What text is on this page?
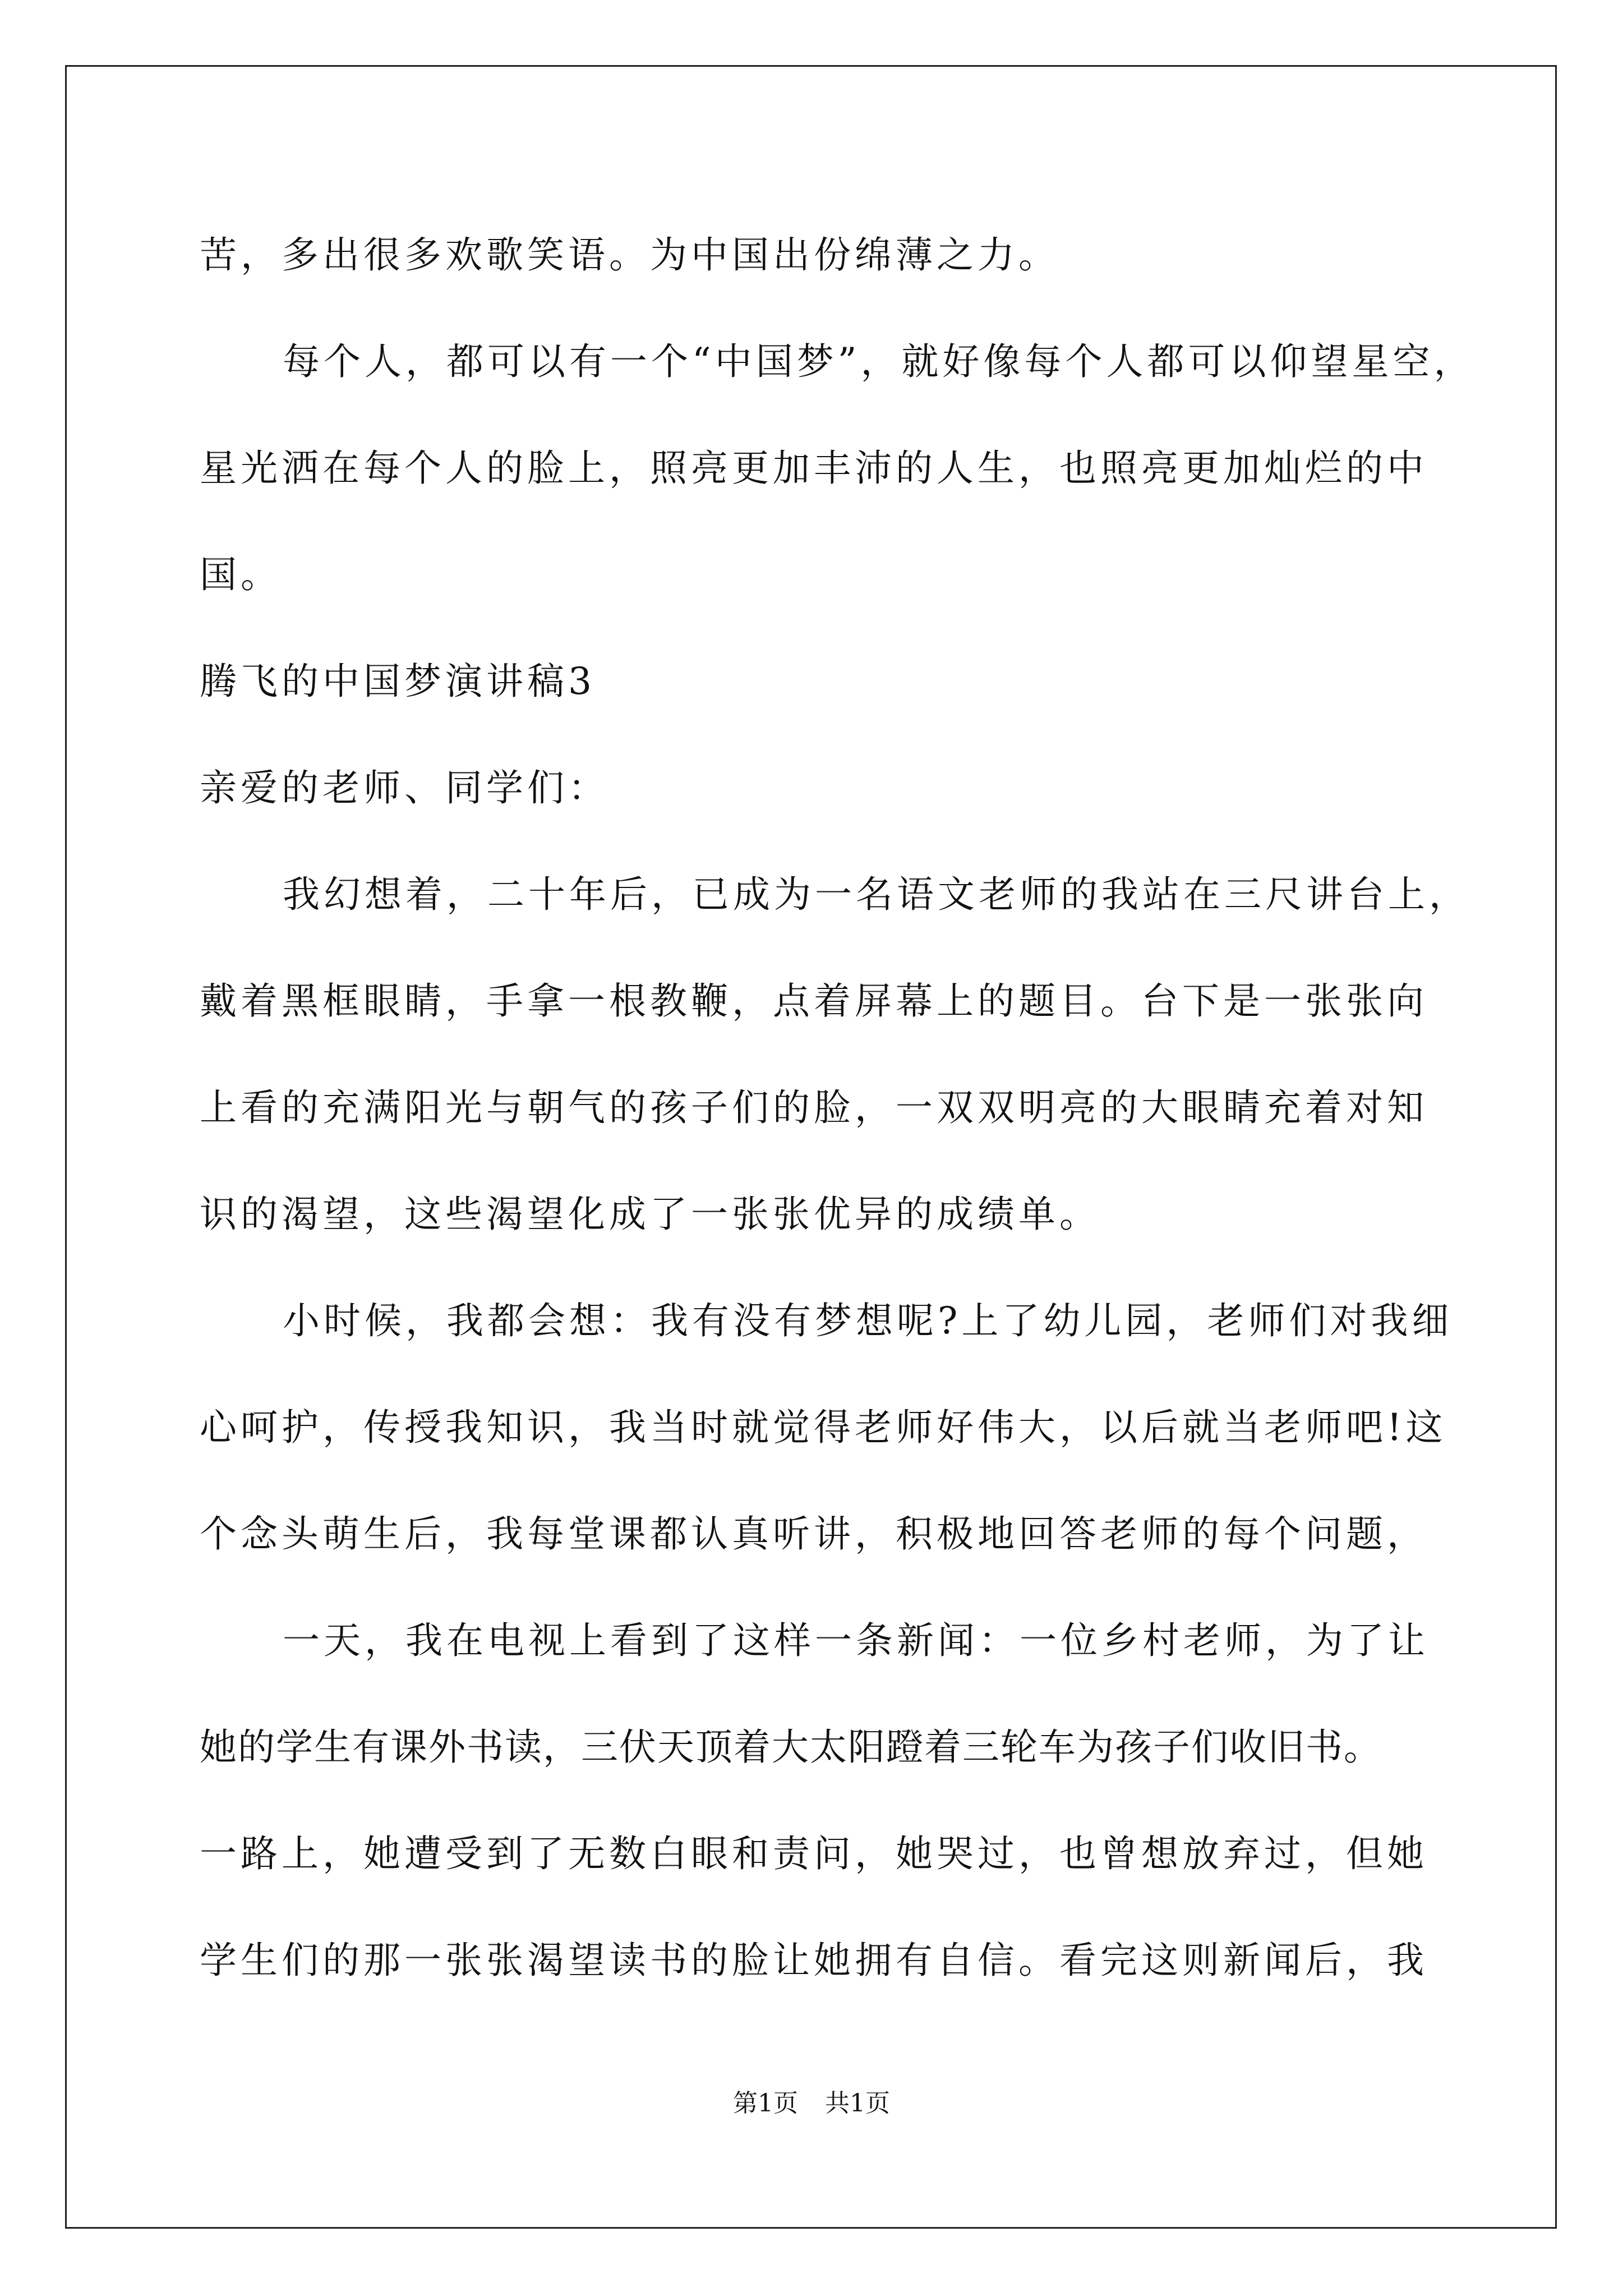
苦，多出很多欢歌笑语。为中国出份绵薄之力。
每个人，都可以有一个“中国梦”，就好像每个人都可以仰望星空，
星光洒在每个人的脸上，照亮更加丰沛的人生，也照亮更加灿烂的中
国。
腾飞的中国梦演讲稿3
亲爱的老师、同学们：
我幻想着，二十年后，已成为一名语文老师的我站在三尺讲台上，
戴着黑框眼睛，手拿一根教鞭，点着屏幕上的题目。台下是一张张向
上看的充满阳光与朝气的孩子们的脸，一双双明亮的大眼睛充着对知
识的渴望，这些渴望化成了一张张优异的成绩单。
小时候，我都会想：我有没有梦想呢?上了幼儿园，老师们对我细
心呵护，传授我知识，我当时就觉得老师好伟大，以后就当老师吧!这
个念头萌生后，我每堂课都认真听讲，积极地回答老师的每个问题，
一天，我在电视上看到了这样一条新闻：一位乡村老师，为了让
她的学生有课外书读，三伏天顶着大太阳蹬着三轮车为孩子们收旧书。
一路上，她遭受到了无数白眼和责问，她哭过，也曾想放弃过，但她
学生们的那一张张渴望读书的脸让她拥有自信。看完这则新闻后，我
第1页 共1页
